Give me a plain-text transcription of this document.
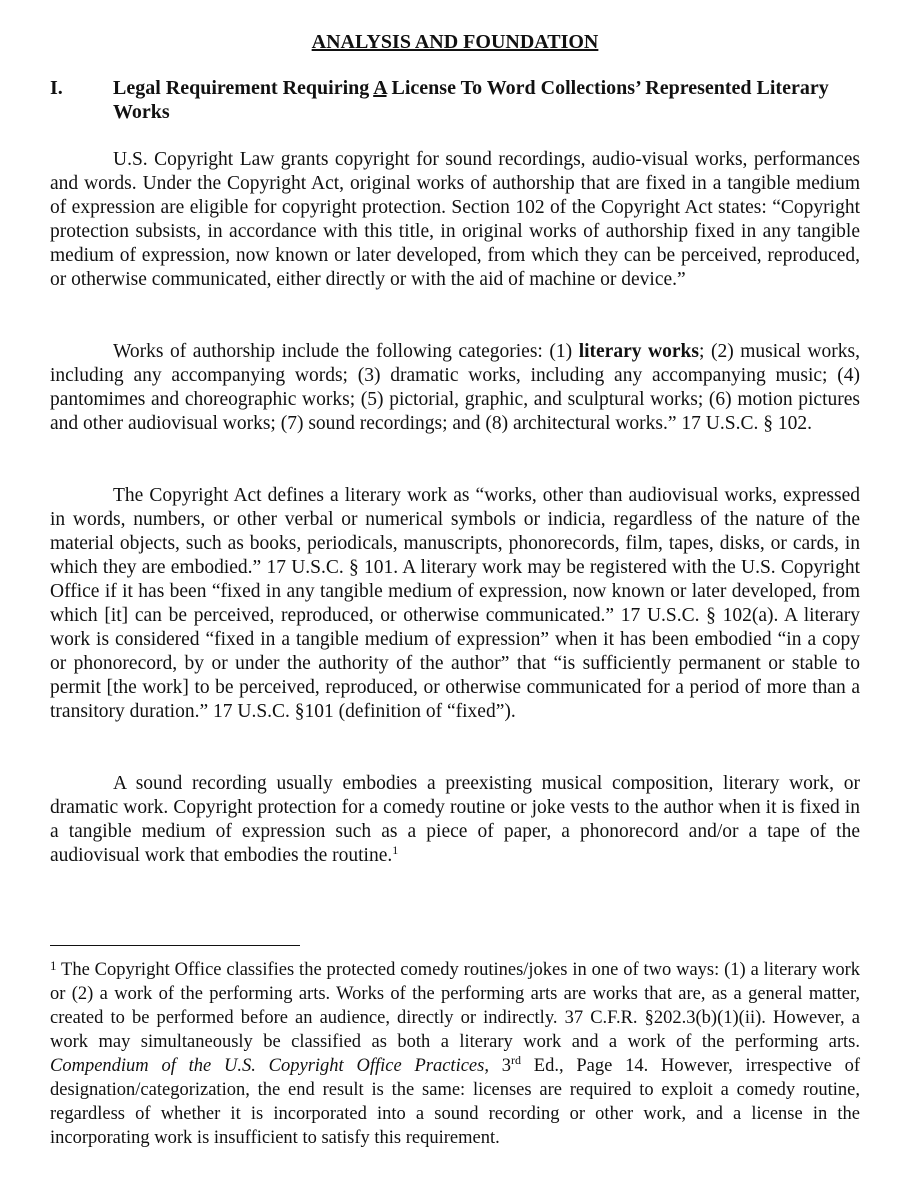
ANALYSIS AND FOUNDATION
I.	Legal Requirement Requiring A License To Word Collections’ Represented Literary Works

U.S. Copyright Law grants copyright for sound recordings, audio-visual works, performances and words. Under the Copyright Act, original works of authorship that are fixed in a tangible medium of expression are eligible for copyright protection. Section 102 of the Copyright Act states: “Copyright protection subsists, in accordance with this title, in original works of authorship fixed in any tangible medium of expression, now known or later developed, from which they can be perceived, reproduced, or otherwise communicated, either directly or with the aid of machine or device.”

Works of authorship include the following categories: (1) literary works; (2) musical works, including any accompanying words; (3) dramatic works, including any accompanying music; (4) pantomimes and choreographic works; (5) pictorial, graphic, and sculptural works; (6) motion pictures and other audiovisual works; (7) sound recordings; and (8) architectural works.” 17 U.S.C. § 102.

The Copyright Act defines a literary work as “works, other than audiovisual works, expressed in words, numbers, or other verbal or numerical symbols or indicia, regardless of the nature of the material objects, such as books, periodicals, manuscripts, phonorecords, film, tapes, disks, or cards, in which they are embodied.” 17 U.S.C. § 101. A literary work may be registered with the U.S. Copyright Office if it has been “fixed in any tangible medium of expression, now known or later developed, from which [it] can be perceived, reproduced, or otherwise communicated.” 17 U.S.C. § 102(a). A literary work is considered “fixed in a tangible medium of expression” when it has been embodied “in a copy or phonorecord, by or under the authority of the author” that “is sufficiently permanent or stable to permit [the work] to be perceived, reproduced, or otherwise communicated for a period of more than a transitory duration.” 17 U.S.C. §101 (definition of “fixed”).

A sound recording usually embodies a preexisting musical composition, literary work, or dramatic work. Copyright protection for a comedy routine or joke vests to the author when it is fixed in a tangible medium of expression such as a piece of paper, a phonorecord and/or a tape of the audiovisual work that embodies the routine.$^1$

$^1$ The Copyright Office classifies the protected comedy routines/jokes in one of two ways: (1) a literary work or (2) a work of the performing arts. Works of the performing arts are works that are, as a general matter, created to be performed before an audience, directly or indirectly. 37 C.F.R. §202.3(b)(1)(ii). However, a work may simultaneously be classified as both a literary work and a work of the performing arts. Compendium of the U.S. Copyright Office Practices, 3rd Ed., Page 14. However, irrespective of designation/categorization, the end result is the same: licenses are required to exploit a comedy routine, regardless of whether it is incorporated into a sound recording or other work, and a license in the incorporating work is insufficient to satisfy this requirement.
